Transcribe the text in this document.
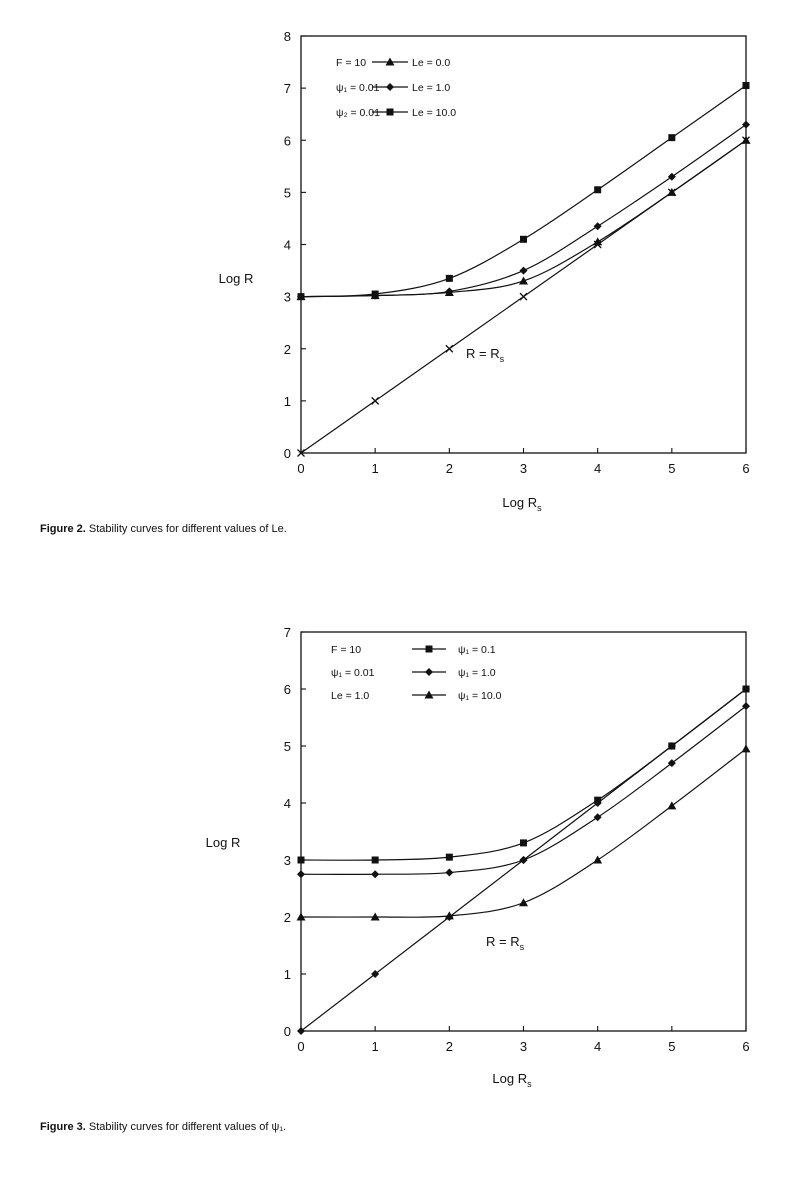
0	1	2	3	4	5	6
0
1
2
3
4
5
6
7
8
Log R
Log $R_s$
$R = R_s$
F = 10
ψ₁ = 0.01
ψ₂ = 0.01
Le = 0.0
Le = 1.0
Le = 10.0
0	1	2	3	4	5	6
0
1
2
3
4
5
6
7
Log R
Log $R_s$
$R = R_s$
F = 10
ψ₁ = 0.01
Le = 1.0
ψ₁ = 0.1
ψ₁ = 1.0
ψ₁ = 10.0
Figure 2. Stability curves for different values of Le.
Figure 3. Stability curves for different values of ψ₁.
